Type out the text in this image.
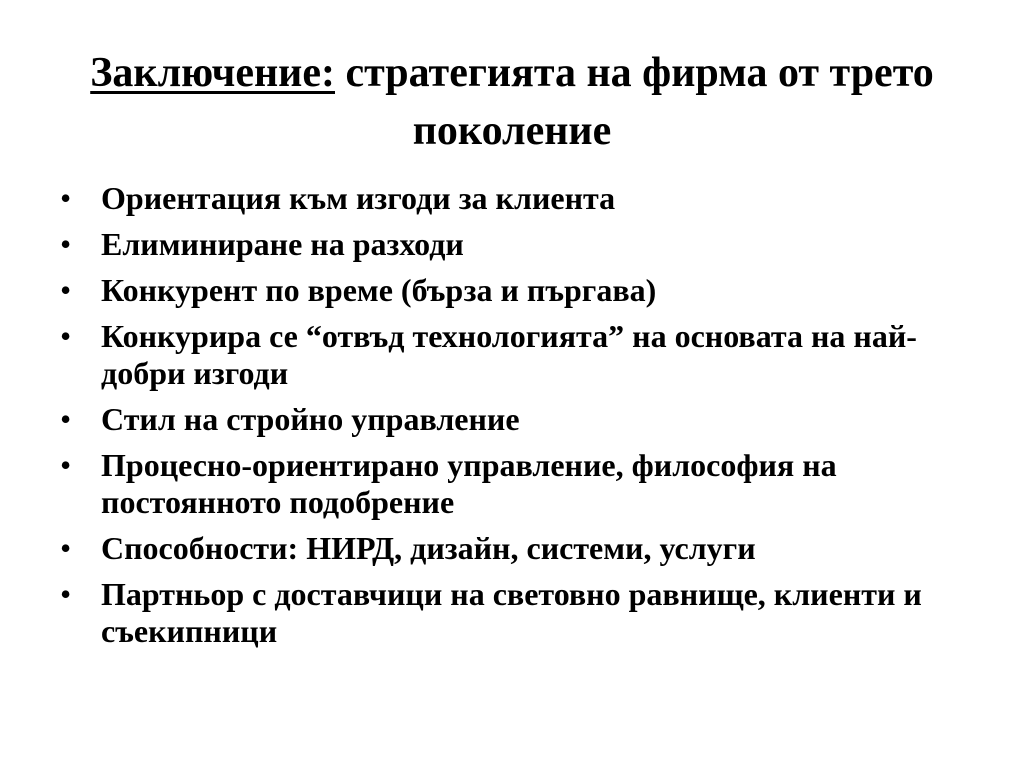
Заключение: стратегията на фирма от трето поколение
• Ориентация към изгоди за клиента
• Елиминиране на разходи
• Конкурент по време (бърза и пъргава)
• Конкурира се “отвъд технологията” на основата на най-добри изгоди
• Стил на стройно управление
• Процесно-ориентирано управление, философия на постоянното подобрение
• Способности: НИРД, дизайн, системи, услуги
• Партньор с доставчици на световно равнище, клиенти и съекипници
